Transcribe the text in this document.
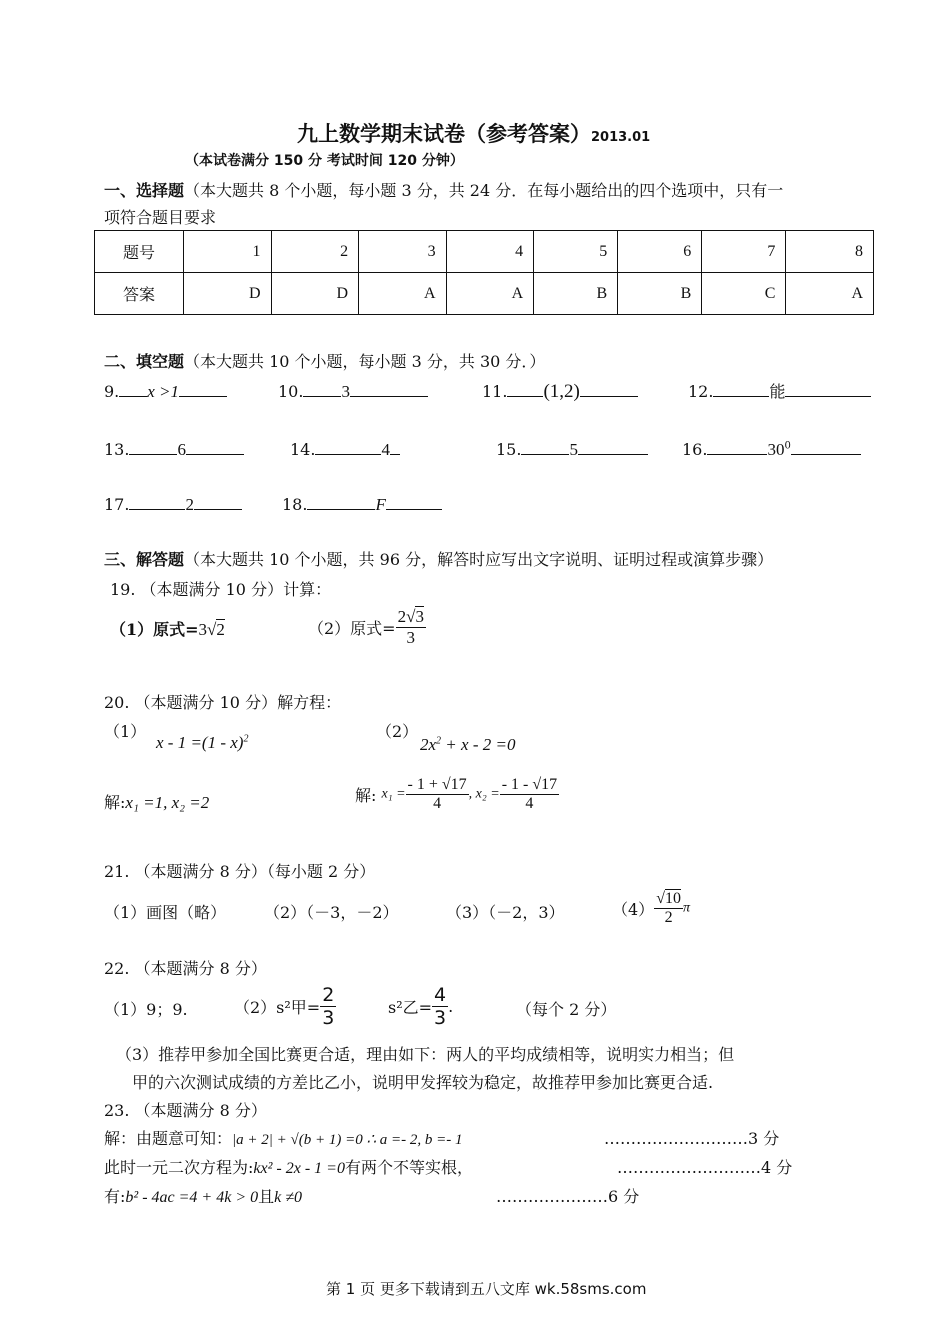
九上数学期末试卷（参考答案）2013.01
（本试卷满分 150 分 考试时间 120 分钟）
一、选择题（本大题共 8 个小题，每小题 3 分，共 24 分．在每小题给出的四个选项中，只有一
项符合题目要求
题号	1	2	3	4	5	6	7	8
答案	D	D	A	A	B	B	C	A
二、填空题（本大题共 10 个小题，每小题 3 分，共 30 分．）
9. x >1	10. 3	11. (1,2)	12.	能
13.	6	14.	4	15.	5	16.	$30^0$
17.	2	18.	F
三、解答题（本大题共 10 个小题，共 96 分，解答时应写出文字说明、证明过程或演算步骤）
19. （本题满分 10 分）计算：
（1）原式=3√2	（2）原式= $\frac{2√3}{3}$
20. （本题满分 10 分）解方程：
（1）
x - 1 =(1 - x)$^2$	（2）
$2x^2 + x - 2 =0$
解:x₁ =1, x₂ =2	解: $x_1 = \frac{- 1 + √17}{4}$ , $x_2 = \frac{- 1 - √17}{4}$
21. （本题满分 8 分）（每小题 2 分）
（1）画图（略） （2）（－3，－2）	（3）（－2，3）	$(4) \frac{√10}{2}$ π
22. （本题满分 8 分）
（1）9；9.	（2）s²甲= $\frac{2}{3}$	s²乙= $\frac{4}{3}$ .	（每个 2 分）
（3）推荐甲参加全国比赛更合适，理由如下：两人的平均成绩相等，说明实力相当；但
甲的六次测试成绩的方差比乙小，说明甲发挥较为稳定，故推荐甲参加比赛更合适.
23. （本题满分 8 分）
解：由题意可知：|a + 2| + √(b + 1) =0 ∴ a =- 2, b =- 1	………………………3 分
此时一元二次方程为:kx² - 2x - 1 =0有两个不等实根，	………………………4 分
有:b² - 4ac =4 + 4k > 0且k ≠0	…………………6 分
第 1 页 更多下载请到五八文库 wk.58sms.com
